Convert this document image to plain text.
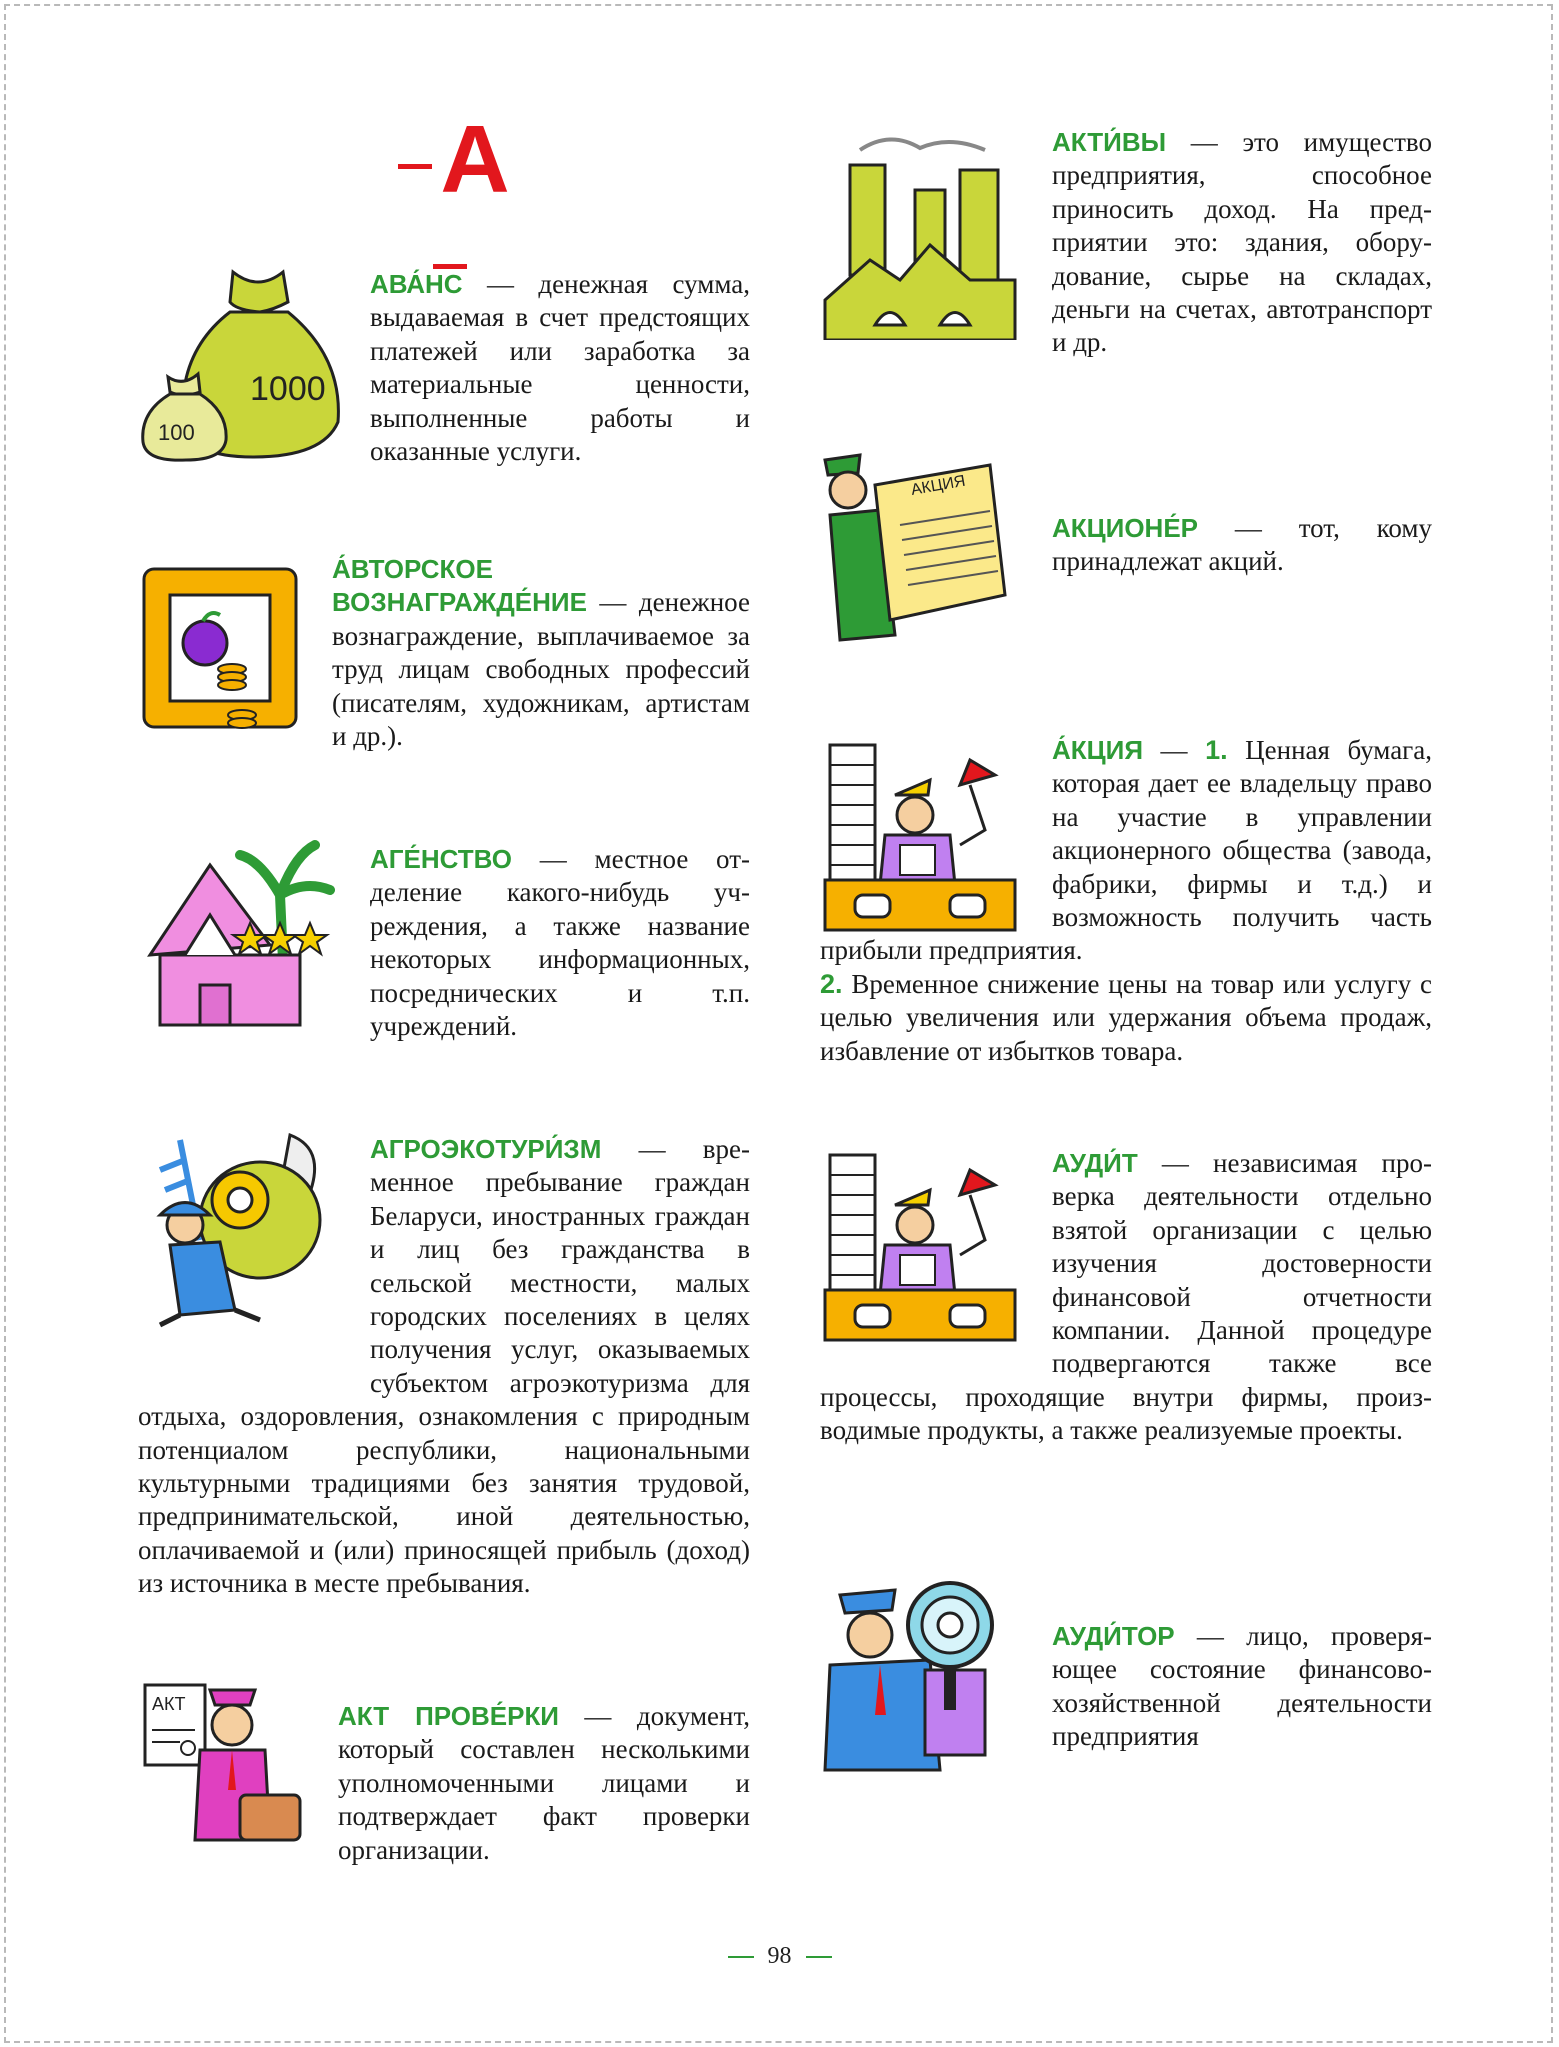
А
1000
100
АВА́НС — денежная сумма, выдаваемая в счет предстоящих платежей или заработка за материальные ценности, выполненные работы и оказанные услуги.
А́ВТОРСКОЕ ВОЗНАГРАЖДЕ́НИЕ — денежное вознаграждение, выплачиваемое за труд лицам свободных профессий (писателям, художникам, артистам и др.).
АГЕ́НСТВО — местное отделение какого-нибудь учреждения, а также название некоторых информационных, посреднических и т.п. учреждений.
АГРОЭКОТУРИ́ЗМ — временное пребывание граждан Беларуси, иностранных граждан и лиц без гражданства в сельской местности, малых городских поселениях в целях получения услуг, оказываемых субъектом агроэкотуризма для отдыха, оздоровления, ознакомления с природным потенциалом республики, национальными культурными традициями без занятия трудовой, предпринимательской, иной деятельностью, оплачиваемой и (или) приносящей прибыль (доход) из источника в месте пребывания.
АКТ	АКТ ПРОВЕ́РКИ — документ, который составлен несколькими уполномоченными лицами и подтверждает факт проверки организации.
АКТИ́ВЫ — это имущество предприятия, способное приносить доход. На предприятии это: здания, оборудование, сырье на складах, деньги на счетах, автотранспорт и др.
АКЦИЯ
АКЦИОНЕ́Р — тот, кому принадлежат акций.
А́КЦИЯ — 1. Ценная бумага, которая дает ее владельцу право на участие в управлении акционерного общества (завода, фабрики, фирмы и т.д.) и возможность получить часть прибыли предприятия.
2. Временное снижение цены на товар или услугу с целью увеличения или удержания объема продаж, избавление от избытков товара.
АУДИ́Т — независимая проверка деятельности отдельно взятой организации с целью изучения достоверности финансовой отчетности компании. Данной процедуре подвергаются также все процессы, проходящие внутри фирмы, производимые продукты, а также реализуемые проекты.
АУДИ́ТОР — лицо, проверяющее состояние финансово-хозяйственной деятельности предприятия
98
